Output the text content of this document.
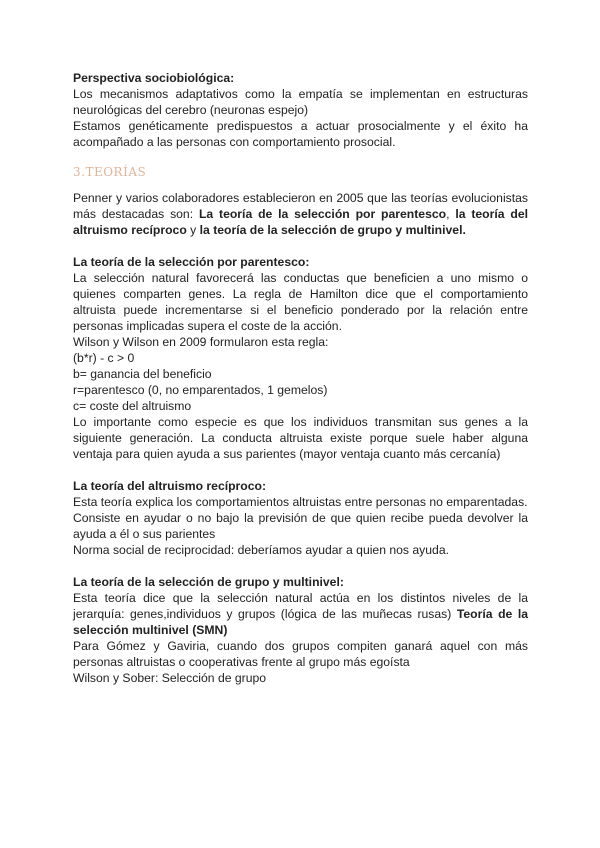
Perspectiva sociobiológica:

Los mecanismos adaptativos como la empatía se implementan en estructuras neurológicas del cerebro (neuronas espejo)

Estamos genéticamente predispuestos a actuar prosocialmente y el éxito ha acompañado a las personas con comportamiento prosocial.

3.TEORÍAS

Penner y varios colaboradores establecieron en 2005 que las teorías evolucionistas más destacadas son: La teoría de la selección por parentesco, la teoría del altruismo recíproco y la teoría de la selección de grupo y multinivel.

La teoría de la selección por parentesco:

La selección natural favorecerá las conductas que beneficien a uno mismo o quienes comparten genes. La regla de Hamilton dice que el comportamiento altruista puede incrementarse si el beneficio ponderado por la relación entre personas implicadas supera el coste de la acción.

Wilson y Wilson en 2009 formularon esta regla:

(b*r) - c > 0

b= ganancia del beneficio

r=parentesco (0, no emparentados, 1 gemelos)

c= coste del altruismo

Lo importante como especie es que los individuos transmitan sus genes a la siguiente generación. La conducta altruista existe porque suele haber alguna ventaja para quien ayuda a sus parientes (mayor ventaja cuanto más cercanía)

La teoría del altruismo recíproco:

Esta teoría explica los comportamientos altruistas entre personas no emparentadas.

Consiste en ayudar o no bajo la previsión de que quien recibe pueda devolver la ayuda a él o sus parientes

Norma social de reciprocidad: deberíamos ayudar a quien nos ayuda.

La teoría de la selección de grupo y multinivel:

Esta teoría dice que la selección natural actúa en los distintos niveles de la jerarquía: genes,individuos y grupos (lógica de las muñecas rusas) Teoría de la selección multinivel (SMN)

Para Gómez y Gaviria, cuando dos grupos compiten ganará aquel con más personas altruistas o cooperativas frente al grupo más egoísta

Wilson y Sober: Selección de grupo
